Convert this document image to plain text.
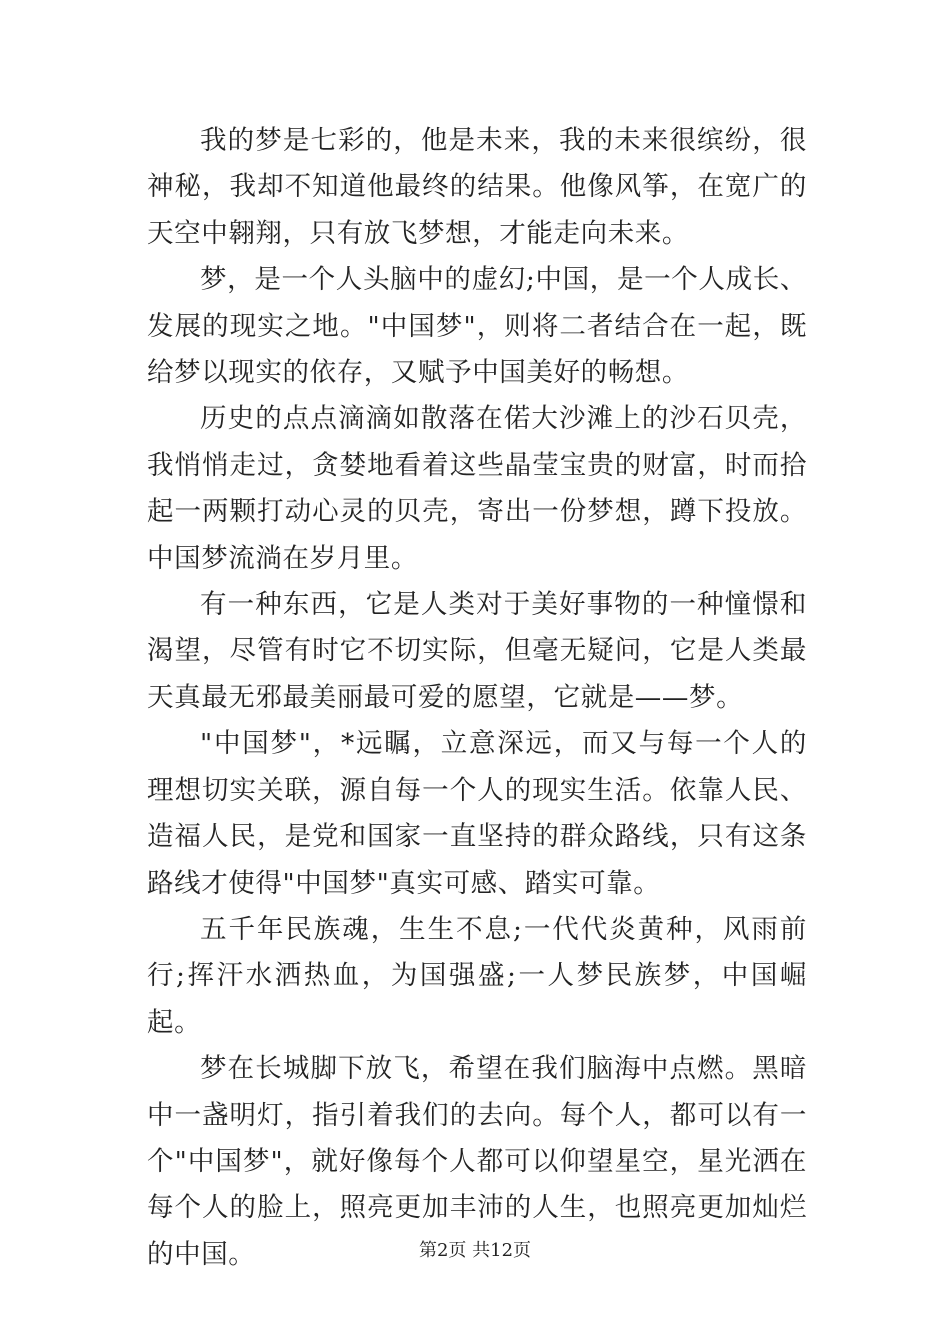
我的梦是七彩的，他是未来，我的未来很缤纷，很神秘，我却不知道他最终的结果。他像风筝，在宽广的天空中翱翔，只有放飞梦想，才能走向未来。

梦，是一个人头脑中的虚幻;中国，是一个人成长、发展的现实之地。"中国梦"，则将二者结合在一起，既给梦以现实的依存，又赋予中国美好的畅想。

历史的点点滴滴如散落在偌大沙滩上的沙石贝壳，我悄悄走过，贪婪地看着这些晶莹宝贵的财富，时而拾起一两颗打动心灵的贝壳，寄出一份梦想，蹲下投放。中国梦流淌在岁月里。

有一种东西，它是人类对于美好事物的一种憧憬和渴望，尽管有时它不切实际，但毫无疑问，它是人类最天真最无邪最美丽最可爱的愿望，它就是——梦。

"中国梦"，*远瞩，立意深远，而又与每一个人的理想切实关联，源自每一个人的现实生活。依靠人民、造福人民，是党和国家一直坚持的群众路线，只有这条路线才使得"中国梦"真实可感、踏实可靠。

五千年民族魂，生生不息;一代代炎黄种，风雨前行;挥汗水洒热血，为国强盛;一人梦民族梦，中国崛起。

梦在长城脚下放飞，希望在我们脑海中点燃。黑暗中一盏明灯，指引着我们的去向。每个人，都可以有一个"中国梦"，就好像每个人都可以仰望星空，星光洒在每个人的脸上，照亮更加丰沛的人生，也照亮更加灿烂的中国。	第2页 共12页
